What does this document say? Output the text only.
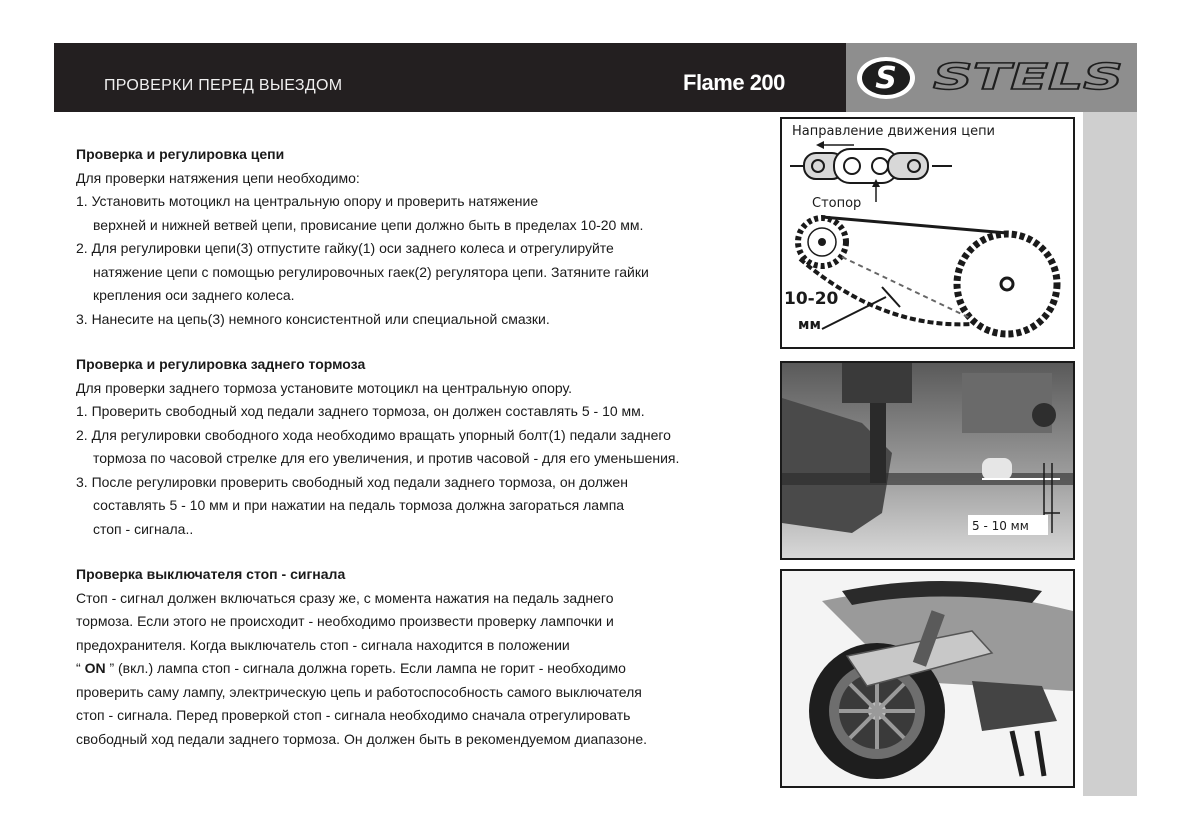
ПРОВЕРКИ ПЕРЕД ВЫЕЗДОМ	Flame 200	S STELS

Проверка и регулировка цепи

Для проверки натяжения цепи необходимо:

1. Установить мотоцикл на центральную опору и проверить натяжение

верхней и нижней ветвей цепи, провисание цепи должно быть в пределах 10-20 мм.

2. Для регулировки цепи(3) отпустите гайку(1) оси заднего колеса и отрегулируйте

натяжение цепи с помощью регулировочных гаек(2) регулятора цепи. Затяните гайки

крепления оси заднего колеса.

3. Нанесите на цепь(3) немного консистентной или специальной смазки.

Проверка и регулировка заднего тормоза

Для проверки заднего тормоза установите мотоцикл на центральную опору.

1. Проверить свободный ход педали заднего тормоза, он должен составлять 5 - 10 мм.

2. Для регулировки свободного хода необходимо вращать упорный болт(1) педали заднего

тормоза по часовой стрелке для его увеличения, и против часовой - для его уменьшения.

3. После регулировки проверить свободный ход педали заднего тормоза, он должен

составлять 5 - 10 мм и при нажатии на педаль тормоза должна загораться лампа

стоп - сигнала..

Проверка выключателя стоп - сигнала

Стоп - сигнал должен включаться сразу же, с момента нажатия на педаль заднего

тормоза. Если этого не происходит - необходимо произвести проверку лампочки и

предохранителя. Когда выключатель стоп - сигнала находится в положении

“ ON ” (вкл.) лампа стоп - сигнала должна гореть. Если лампа не горит - необходимо

проверить саму лампу, электрическую цепь и работоспособность самого выключателя

стоп - сигнала. Перед проверкой стоп - сигнала необходимо сначала отрегулировать

свободный ход педали заднего тормоза. Он должен быть в рекомендуемом диапазоне.

Направление движения цепи
Стопор
10-20
мм
5 - 10 мм
